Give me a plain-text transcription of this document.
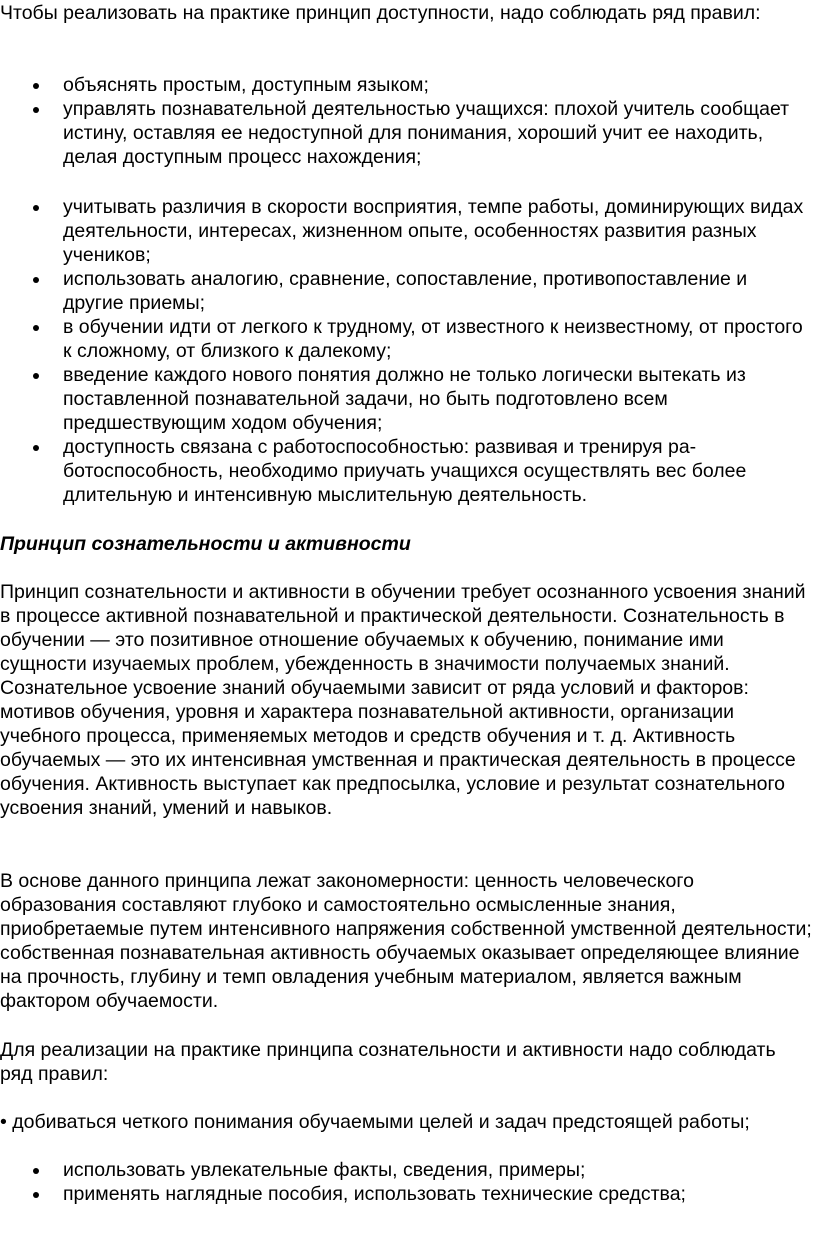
Чтобы реализовать на практике принцип доступности, надо соблюдать ряд правил:

объяснять простым, доступным языком;
управлять познавательной деятельностью учащихся: плохой учитель сообщает истину, оставляя ее недоступной для понимания, хороший учит ее находить, делая доступным процесс нахождения;
учитывать различия в скорости восприятия, темпе работы, доминирующих видах деятельности, интересах, жизненном опыте, особенностях развития разных учеников;
использовать аналогию, сравнение, сопоставление, противопоставление и другие приемы;
в обучении идти от легкого к трудному, от известного к неизвестному, от простого к сложному, от близкого к далекому;
введение каждого нового понятия должно не только логически вытекать из поставленной познавательной задачи, но быть подготовлено всем предшествующим ходом обучения;
доступность связана с работоспособностью: развивая и тренируя работоспособность, необходимо приучать учащихся осуществлять вес более длительную и интенсивную мыслительную деятельность.

Принцип сознательности и активности

Принцип сознательности и активности в обучении требует осознанного усвоения знаний в процессе активной познавательной и практической деятельности. Сознательность в обучении — это позитивное отношение обучаемых к обучению, понимание ими сущности изучаемых проблем, убежденность в значимости получаемых знаний. Сознательное усвоение знаний обучаемыми зависит от ряда условий и факторов: мотивов обучения, уровня и характера познавательной активности, организации учебного процесса, применяемых методов и средств обучения и т. д. Активность обучаемых — это их интенсивная умственная и практическая деятельность в процессе обучения. Активность выступает как предпосылка, условие и результат сознательного усвоения знаний, умений и навыков.

В основе данного принципа лежат закономерности: ценность человеческого образования составляют глубоко и самостоятельно осмысленные знания, приобретаемые путем интенсивного напряжения собственной умственной деятельности; собственная познавательная активность обучаемых оказывает определяющее влияние на прочность, глубину и темп овладения учебным материалом, является важным фактором обучаемости.

Для реализации на практике принципа сознательности и активности надо соблюдать ряд правил:

• добиваться четкого понимания обучаемыми целей и задач предстоящей работы;

использовать увлекательные факты, сведения, примеры;
применять наглядные пособия, использовать технические средства;
